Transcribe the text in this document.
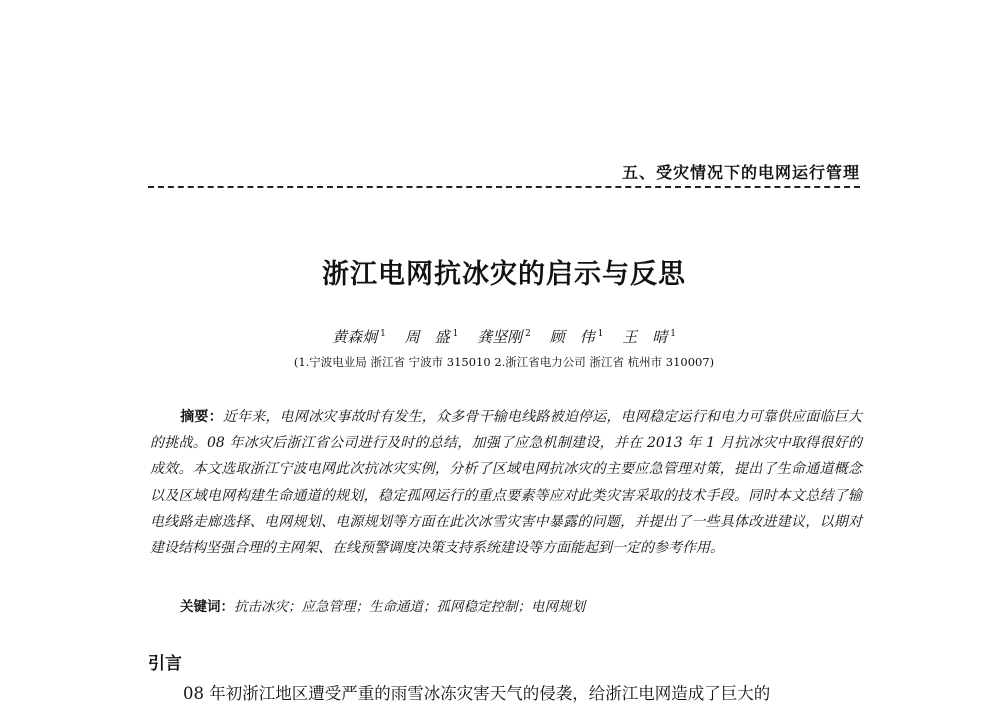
五、受灾情况下的电网运行管理
浙江电网抗冰灾的启示与反思
黄森炯 $^1$ 周　盛 $^1$ 龚坚刚 $^2$ 顾　伟 $^1$ 王　晴 $^1$
(1.宁波电业局 浙江省 宁波市 315010 2.浙江省电力公司 浙江省 杭州市 310007)
摘要：近年来，电网冰灾事故时有发生，众多骨干输电线路被迫停运，电网稳定运行和电力可靠供应面临巨大的挑战。08 年冰灾后浙江省公司进行及时的总结，加强了应急机制建设，并在 2013 年 1 月抗冰灾中取得很好的成效。本文选取浙江宁波电网此次抗冰灾实例，分析了区域电网抗冰灾的主要应急管理对策，提出了生命通道概念以及区域电网构建生命通道的规划，稳定孤网运行的重点要素等应对此类灾害采取的技术手段。同时本文总结了输电线路走廊选择、电网规划、电源规划等方面在此次冰雪灾害中暴露的问题，并提出了一些具体改进建议，以期对建设结构坚强合理的主网架、在线预警调度决策支持系统建设等方面能起到一定的参考作用。
关键词：抗击冰灾；应急管理；生命通道；孤网稳定控制；电网规划
引言
08 年初浙江地区遭受严重的雨雪冰冻灾害天气的侵袭，给浙江电网造成了巨大的
